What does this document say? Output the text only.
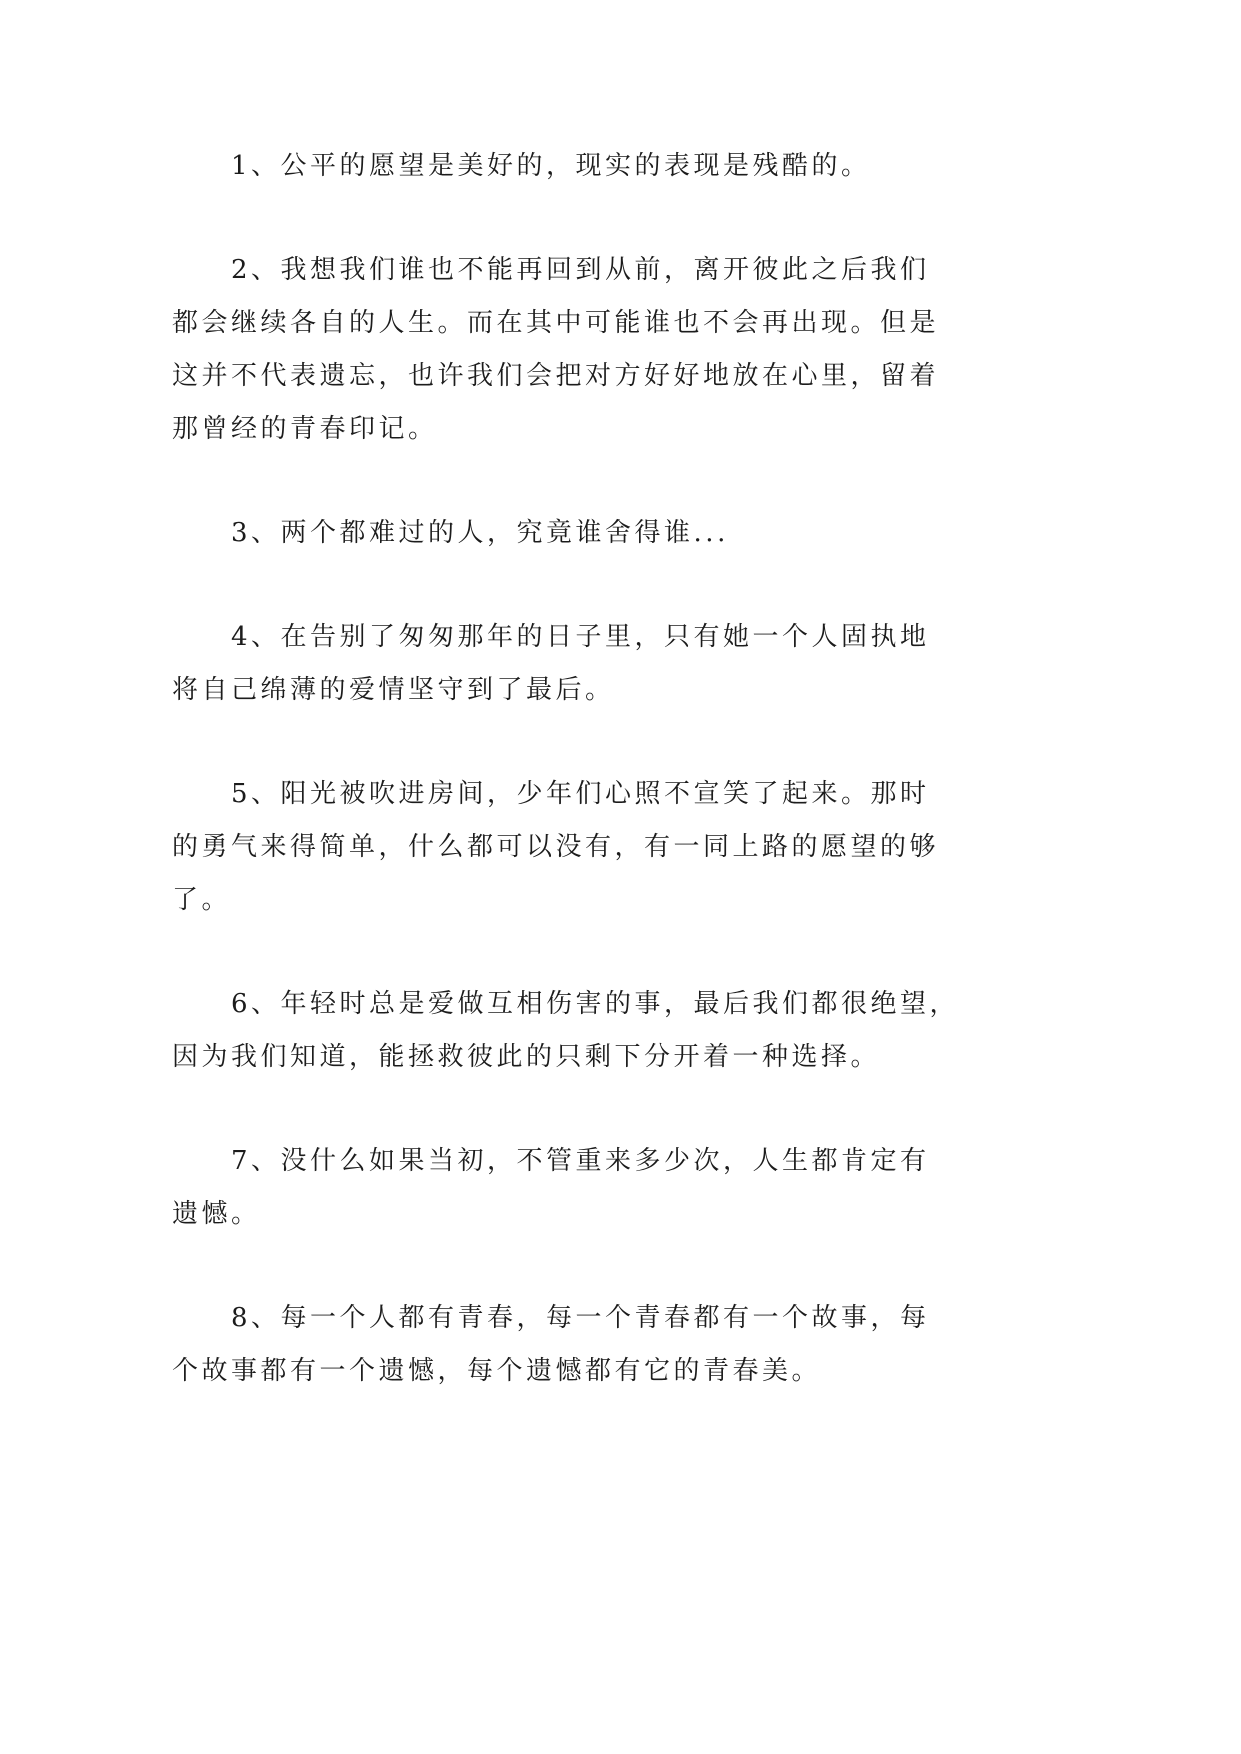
1、公平的愿望是美好的，现实的表现是残酷的。

2、我想我们谁也不能再回到从前，离开彼此之后我们
都会继续各自的人生。而在其中可能谁也不会再出现。但是
这并不代表遗忘，也许我们会把对方好好地放在心里，留着
那曾经的青春印记。

3、两个都难过的人，究竟谁舍得谁...

4、在告别了匆匆那年的日子里，只有她一个人固执地
将自己绵薄的爱情坚守到了最后。

5、阳光被吹进房间，少年们心照不宣笑了起来。那时
的勇气来得简单，什么都可以没有，有一同上路的愿望的够
了。

6、年轻时总是爱做互相伤害的事，最后我们都很绝望，
因为我们知道，能拯救彼此的只剩下分开着一种选择。

7、没什么如果当初，不管重来多少次，人生都肯定有
遗憾。

8、每一个人都有青春，每一个青春都有一个故事，每
个故事都有一个遗憾，每个遗憾都有它的青春美。
